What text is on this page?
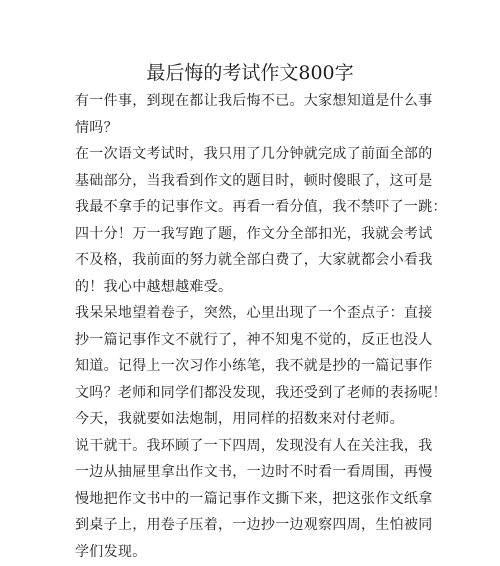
最后悔的考试作文800字
有一件事，到现在都让我后悔不已。大家想知道是什么事
情吗？
在一次语文考试时，我只用了几分钟就完成了前面全部的
基础部分，当我看到作文的题目时，顿时傻眼了，这可是
我最不拿手的记事作文。再看一看分值，我不禁吓了一跳：
四十分！万一我写跑了题，作文分全部扣光，我就会考试
不及格，我前面的努力就全部白费了，大家就都会小看我
的！我心中越想越难受。
我呆呆地望着卷子，突然，心里出现了一个歪点子：直接
抄一篇记事作文不就行了，神不知鬼不觉的，反正也没人
知道。记得上一次习作小练笔，我不就是抄的一篇记事作
文吗？老师和同学们都没发现，我还受到了老师的表扬呢！
今天，我就要如法炮制，用同样的招数来对付老师。
说干就干。我环顾了一下四周，发现没有人在关注我，我
一边从抽屉里拿出作文书，一边时不时看一看周围，再慢
慢地把作文书中的一篇记事作文撕下来，把这张作文纸拿
到桌子上，用卷子压着，一边抄一边观察四周，生怕被同
学们发现。
